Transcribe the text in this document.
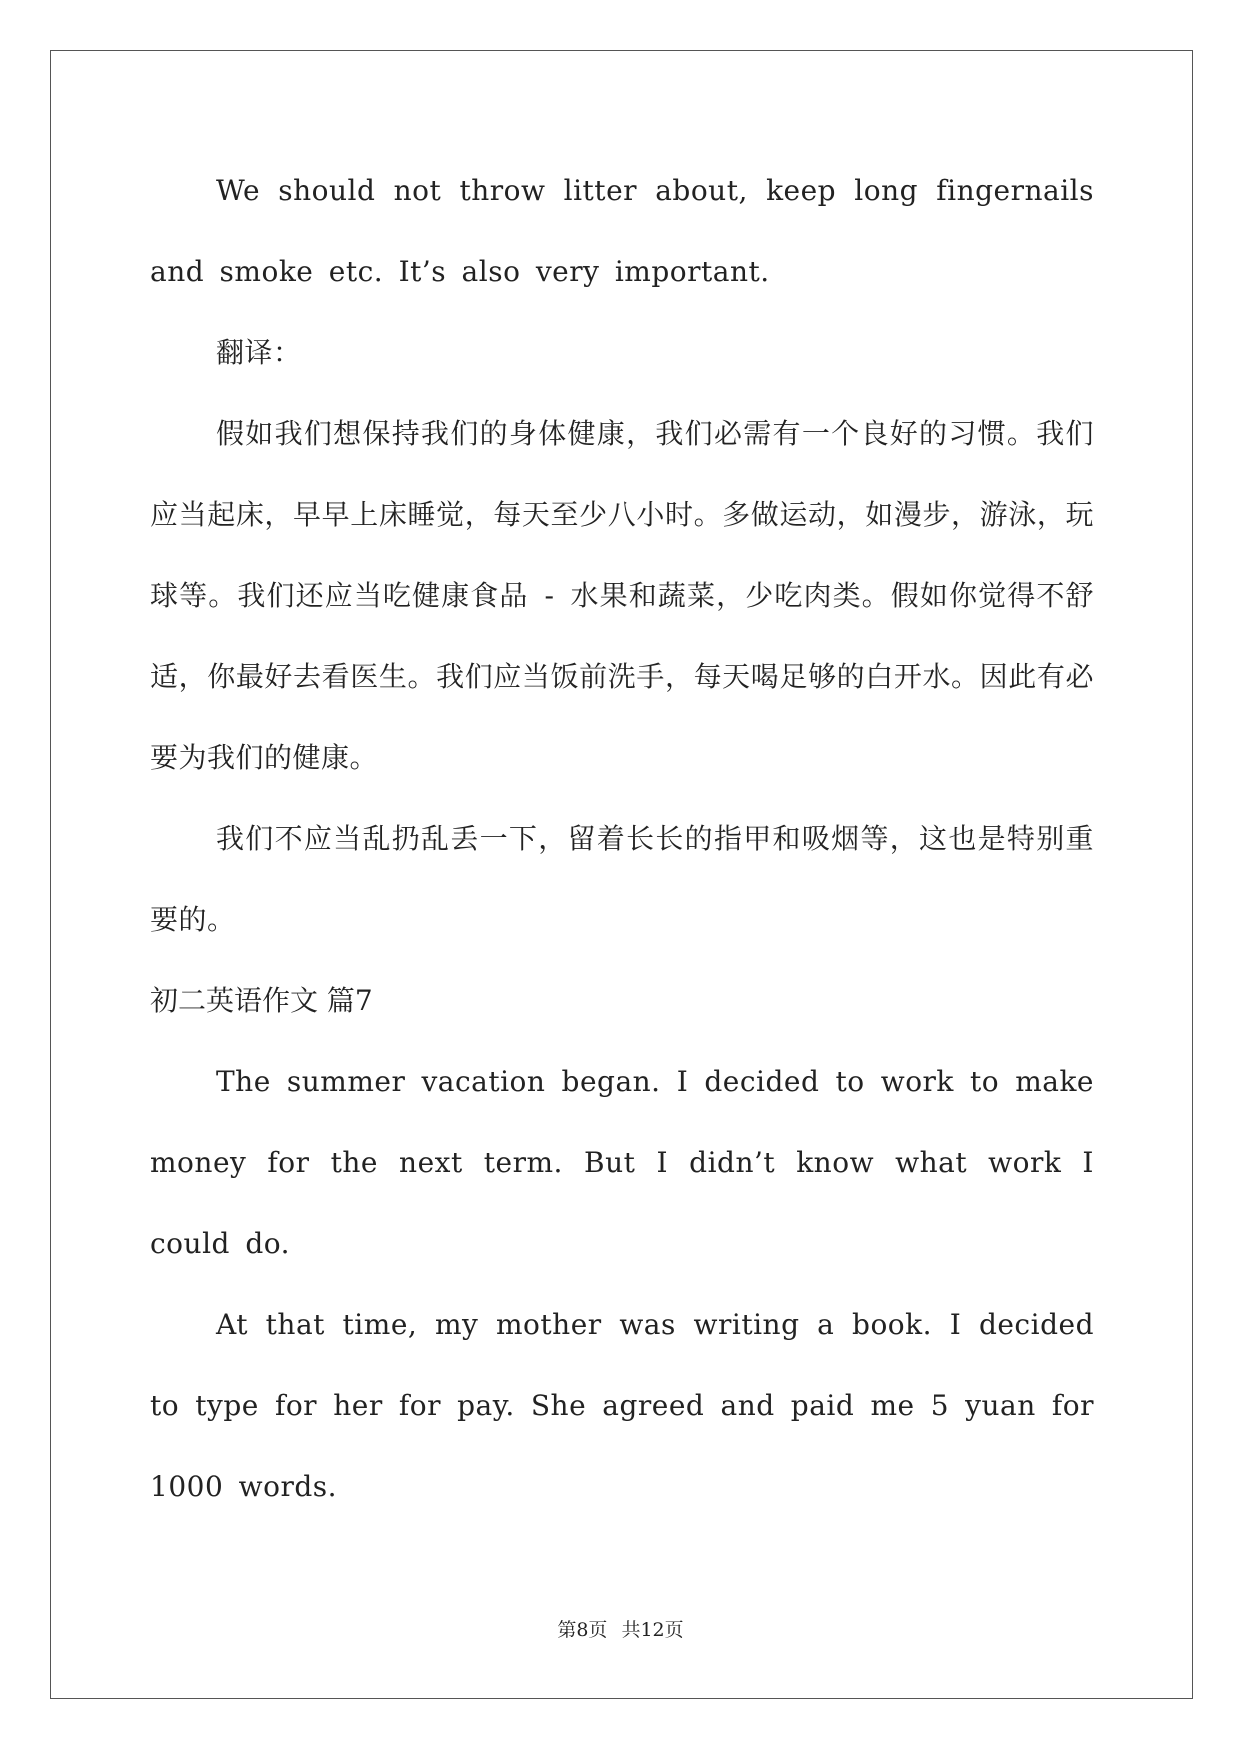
We should not throw litter about, keep long fingernails and smoke etc. It’s also very important.

翻译：

假如我们想保持我们的身体健康，我们必需有一个良好的习惯。我们应当起床，早早上床睡觉，每天至少八小时。多做运动，如漫步，游泳，玩球等。我们还应当吃健康食品 - 水果和蔬菜，少吃肉类。假如你觉得不舒适，你最好去看医生。我们应当饭前洗手，每天喝足够的白开水。因此有必要为我们的健康。

我们不应当乱扔乱丢一下，留着长长的指甲和吸烟等，这也是特别重要的。

初二英语作文 篇7

The summer vacation began. I decided to work to make money for the next term. But I didn’t know what work I could do.

At that time, my mother was writing a book. I decided to type for her for pay. She agreed and paid me 5 yuan for 1000 words.

第8页 共12页
